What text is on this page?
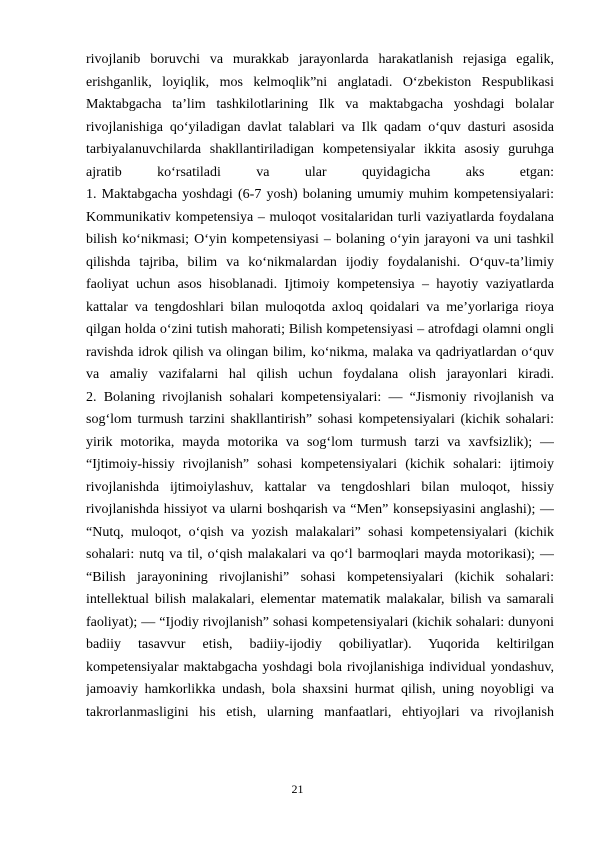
rivojlanib boruvchi va murakkab jarayonlarda harakatlanish rejasiga egalik,
erishganlik, loyiqlik, mos kelmoqlik”ni anglatadi. O‘zbekiston Respublikasi
Maktabgacha ta’lim tashkilotlarining Ilk va maktabgacha yoshdagi bolalar
rivojlanishiga qo‘yiladigan davlat talablari va Ilk qadam o‘quv dasturi asosida
tarbiyalanuvchilarda shakllantiriladigan kompetensiyalar ikkita asosiy guruhga
ajratib ko‘rsatiladi va ular quyidagicha aks etgan:
1. Maktabgacha yoshdagi (6-7 yosh) bolaning umumiy muhim kompetensiyalari:
Kommunikativ kompetensiya – muloqot vositalaridan turli vaziyatlarda foydalana
bilish ko‘nikmasi; O‘yin kompetensiyasi – bolaning o‘yin jarayoni va uni tashkil
qilishda tajriba, bilim va ko‘nikmalardan ijodiy foydalanishi. O‘quv-ta’limiy
faoliyat uchun asos hisoblanadi. Ijtimoiy kompetensiya – hayotiy vaziyatlarda
kattalar va tengdoshlari bilan muloqotda axloq qoidalari va me’yorlariga rioya
qilgan holda o‘zini tutish mahorati; Bilish kompetensiyasi – atrofdagi olamni ongli
ravishda idrok qilish va olingan bilim, ko‘nikma, malaka va qadriyatlardan o‘quv
va amaliy vazifalarni hal qilish uchun foydalana olish jarayonlari kiradi.
2. Bolaning rivojlanish sohalari kompetensiyalari: — “Jismoniy rivojlanish va
sog‘lom turmush tarzini shakllantirish” sohasi kompetensiyalari (kichik sohalari:
yirik motorika, mayda motorika va sog‘lom turmush tarzi va xavfsizlik); —
“Ijtimoiy-hissiy rivojlanish” sohasi kompetensiyalari (kichik sohalari: ijtimoiy
rivojlanishda ijtimoiylashuv, kattalar va tengdoshlari bilan muloqot, hissiy
rivojlanishda hissiyot va ularni boshqarish va “Men” konsepsiyasini anglashi); —
“Nutq, muloqot, o‘qish va yozish malakalari” sohasi kompetensiyalari (kichik
sohalari: nutq va til, o‘qish malakalari va qo‘l barmoqlari mayda motorikasi); —
“Bilish jarayonining rivojlanishi” sohasi kompetensiyalari (kichik sohalari:
intellektual bilish malakalari, elementar matematik malakalar, bilish va samarali
faoliyat); — “Ijodiy rivojlanish” sohasi kompetensiyalari (kichik sohalari: dunyoni
badiiy tasavvur etish, badiiy-ijodiy qobiliyatlar). Yuqorida keltirilgan
kompetensiyalar maktabgacha yoshdagi bola rivojlanishiga individual yondashuv,
jamoaviy hamkorlikka undash, bola shaxsini hurmat qilish, uning noyobligi va
takrorlanmasligini his etish, ularning manfaatlari, ehtiyojlari va rivojlanish
21
